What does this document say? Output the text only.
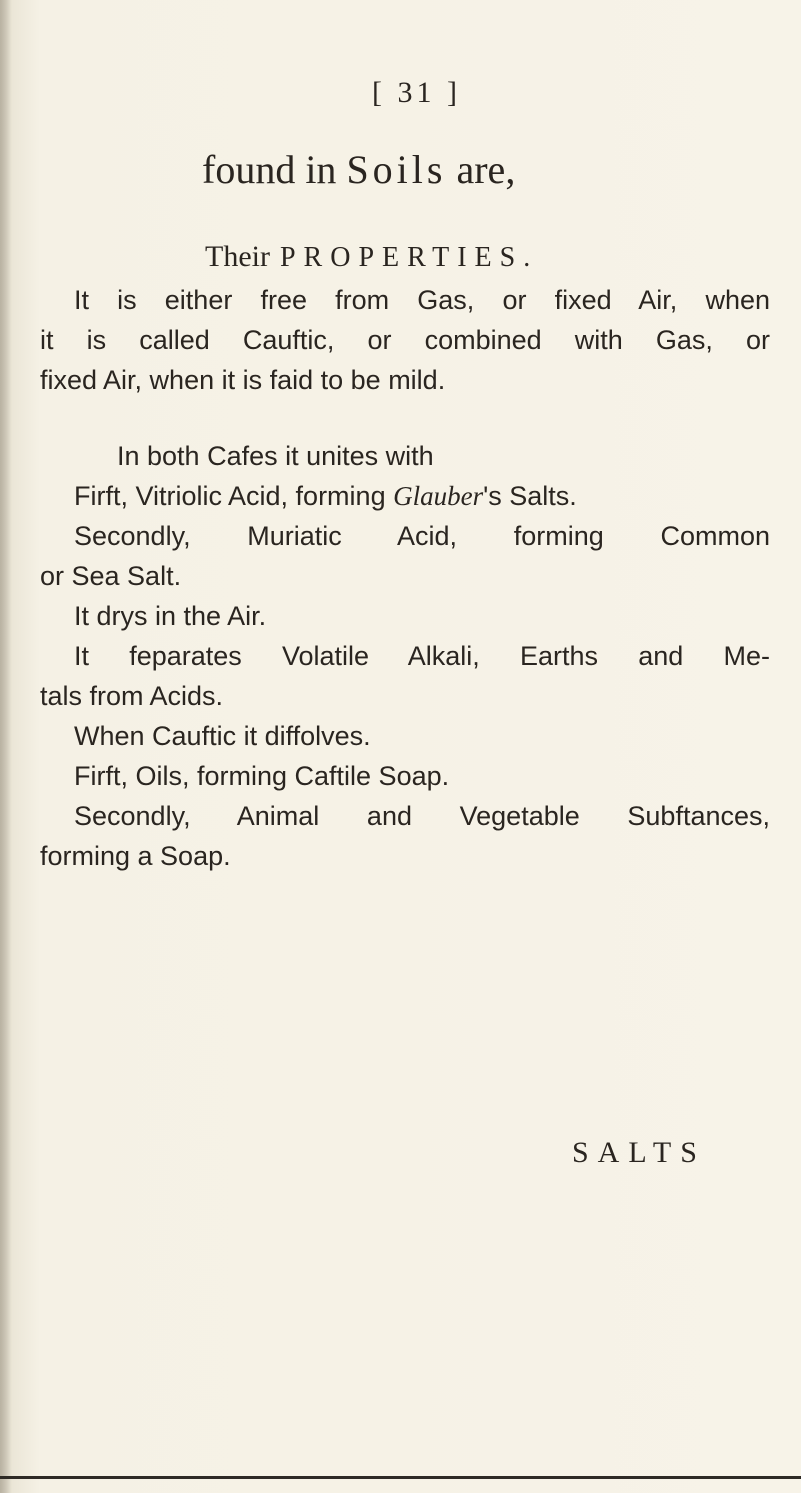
[ 31 ]
found in Soils are,
Their PROPERTIES.
It is either free from Gas, or fixed Air, when
it is called Cauftic, or combined with Gas, or
fixed Air, when it is faid to be mild.
In both Cafes it unites with
Firft, Vitriolic Acid, forming Glauber's Salts.
Secondly, Muriatic Acid, forming Common
or Sea Salt.
It drys in the Air.
It feparates Volatile Alkali, Earths and Me-
tals from Acids.
When Cauftic it diffolves.
Firft, Oils, forming Caftile Soap.
Secondly, Animal and Vegetable Subftances,
forming a Soap.
SALTS
